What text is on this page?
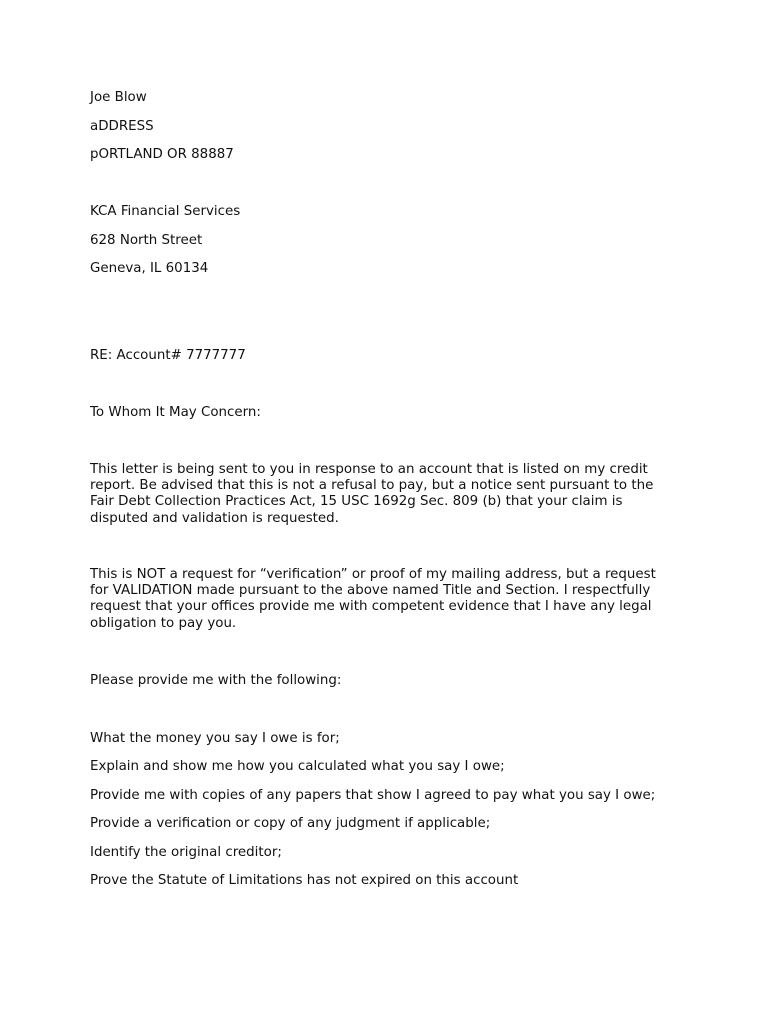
Joe Blow
aDDRESS
pORTLAND OR 88887
KCA Financial Services
628 North Street
Geneva, IL 60134
RE: Account# 7777777
To Whom It May Concern:
This letter is being sent to you in response to an account that is listed on my credit
report. Be advised that this is not a refusal to pay, but a notice sent pursuant to the
Fair Debt Collection Practices Act, 15 USC 1692g Sec. 809 (b) that your claim is
disputed and validation is requested.
This is NOT a request for “verification” or proof of my mailing address, but a request
for VALIDATION made pursuant to the above named Title and Section. I respectfully
request that your offices provide me with competent evidence that I have any legal
obligation to pay you.
Please provide me with the following:
What the money you say I owe is for;
Explain and show me how you calculated what you say I owe;
Provide me with copies of any papers that show I agreed to pay what you say I owe;
Provide a verification or copy of any judgment if applicable;
Identify the original creditor;
Prove the Statute of Limitations has not expired on this account
